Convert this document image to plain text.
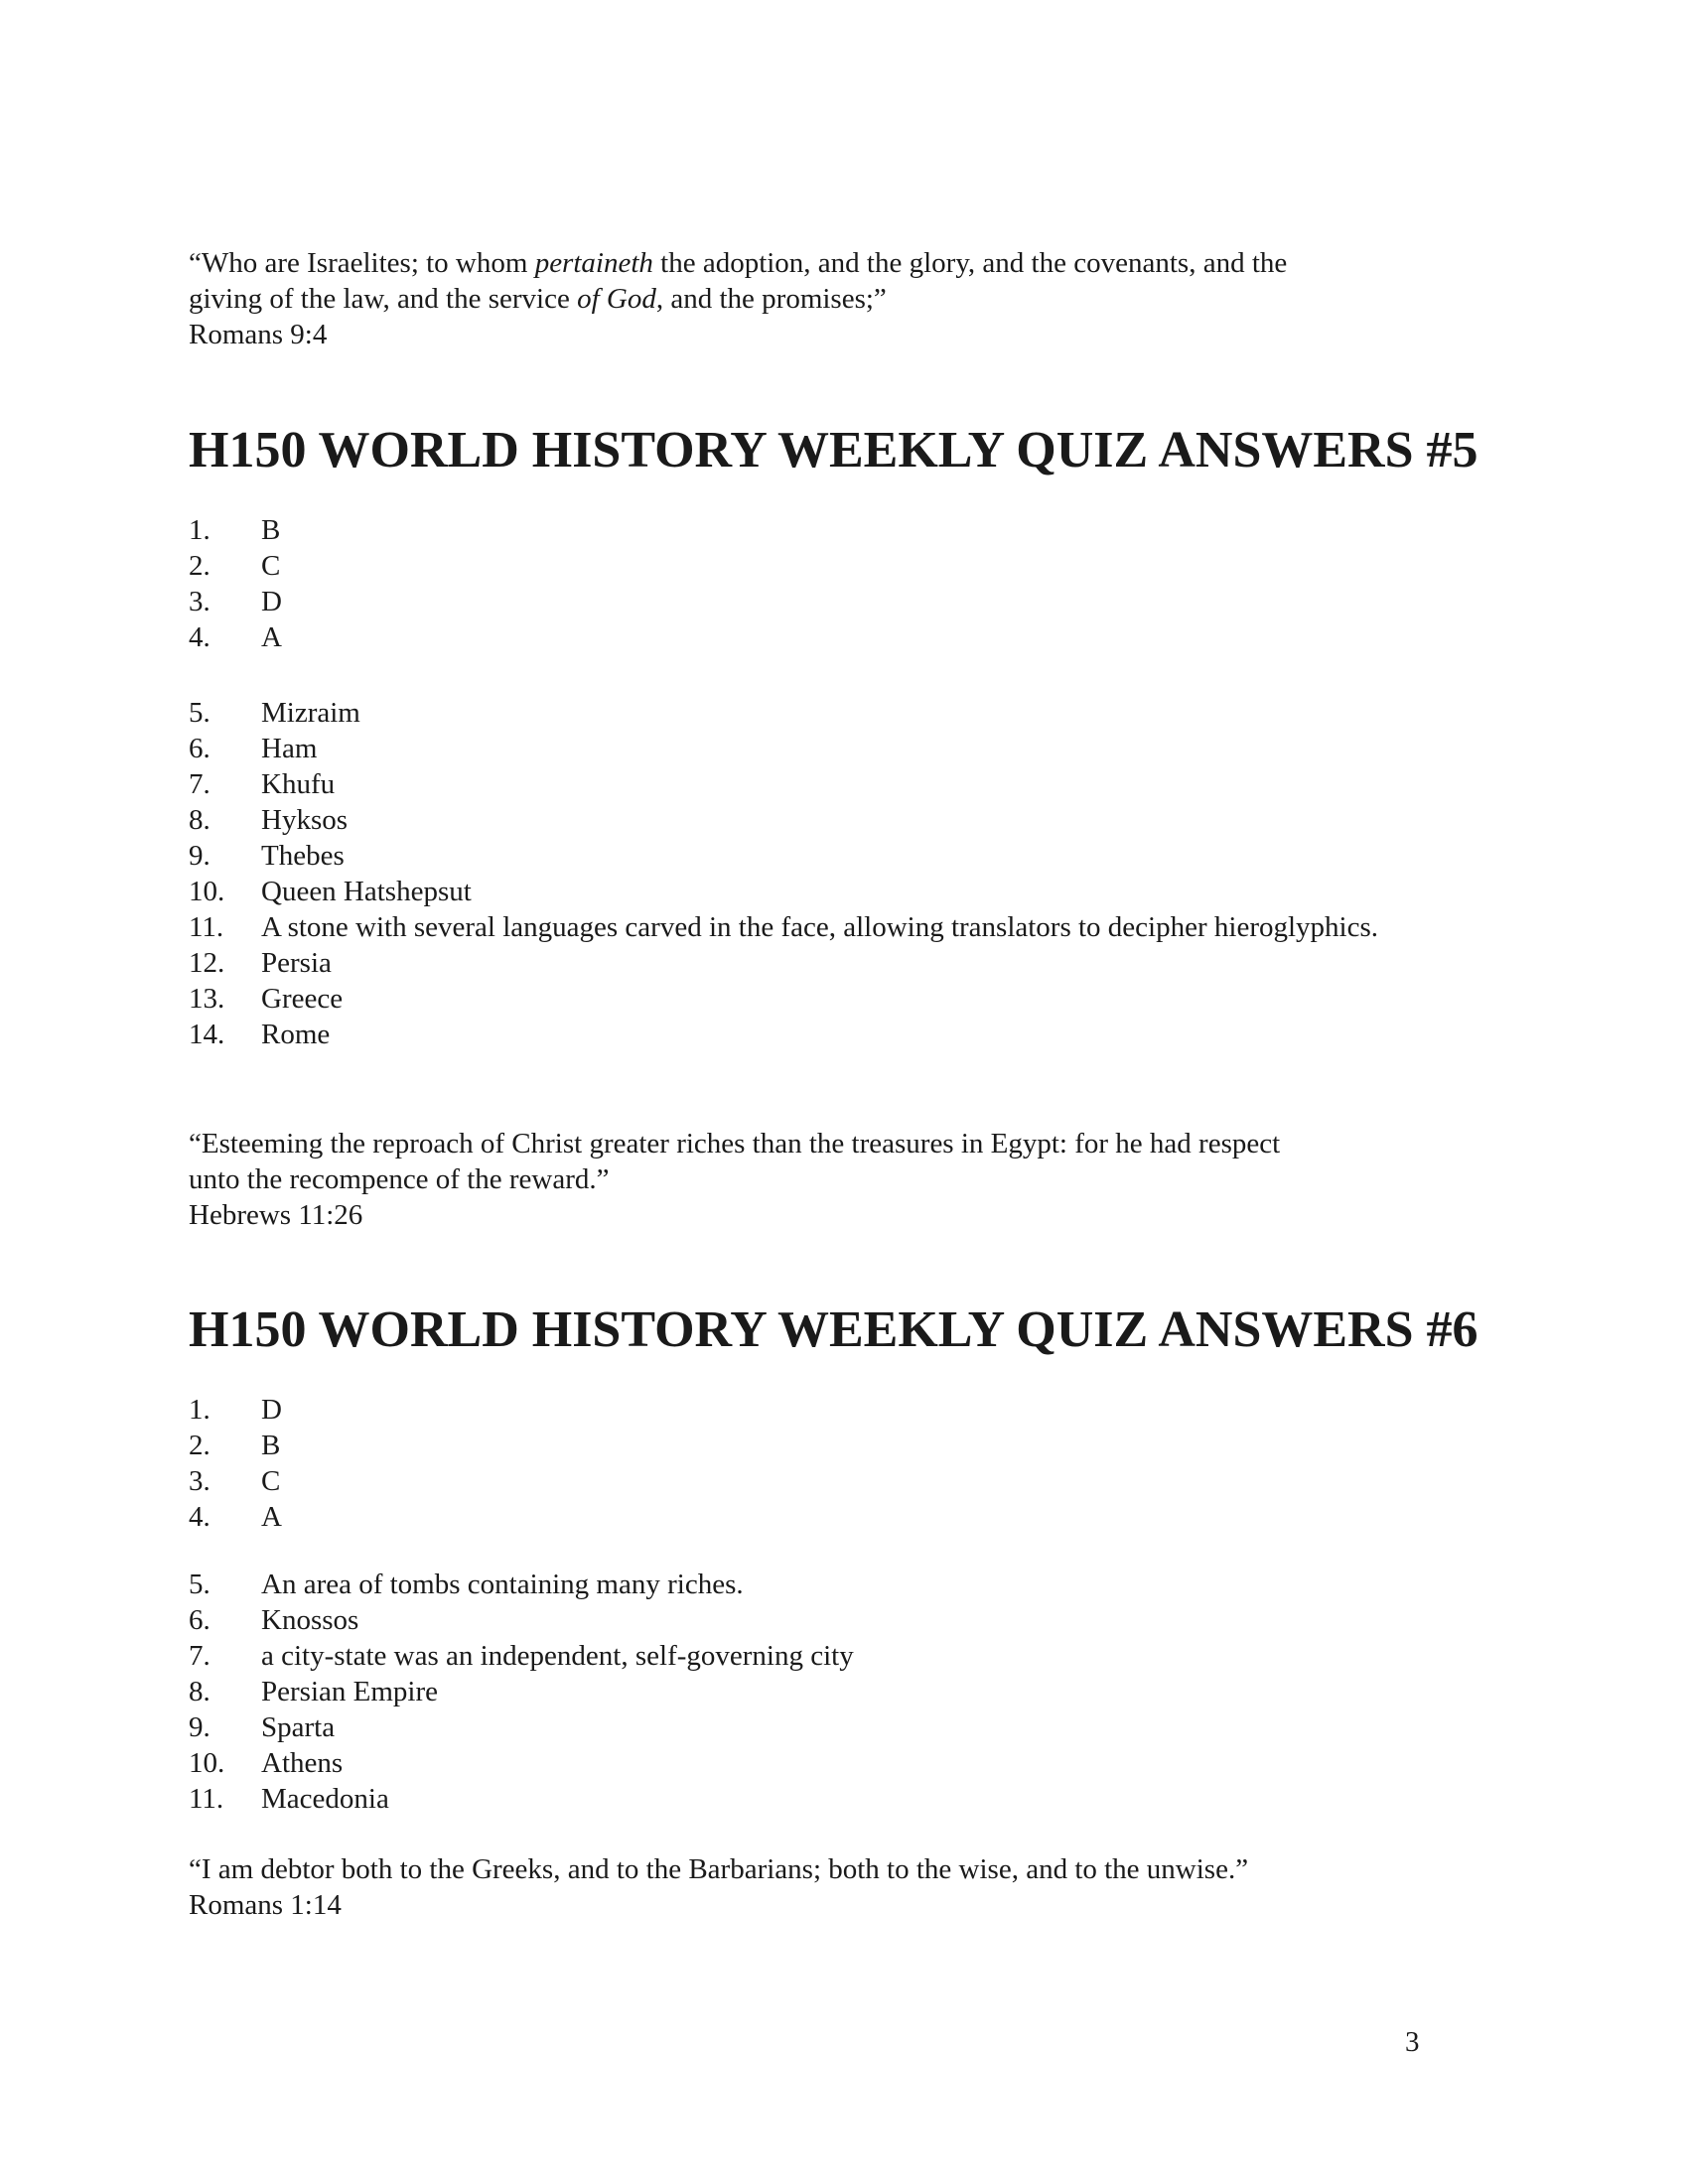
“Who are Israelites; to whom pertaineth the adoption, and the glory, and the covenants, and the
giving of the law, and the service of God, and the promises;”
Romans 9:4
H150 WORLD HISTORY WEEKLY QUIZ ANSWERS #5
1.	B
2.	C
3.	D
4.	A
5.	Mizraim
6.	Ham
7.	Khufu
8.	Hyksos
9.	Thebes
10.	Queen Hatshepsut
11.	A stone with several languages carved in the face, allowing translators to decipher hieroglyphics.
12.	Persia
13.	Greece
14.	Rome
“Esteeming the reproach of Christ greater riches than the treasures in Egypt: for he had respect
unto the recompence of the reward.”
Hebrews 11:26
H150 WORLD HISTORY WEEKLY QUIZ ANSWERS #6
1.	D
2.	B
3.	C
4.	A
5.	An area of tombs containing many riches.
6.	Knossos
7.	a city-state was an independent, self-governing city
8.	Persian Empire
9.	Sparta
10.	Athens
11.	Macedonia
“I am debtor both to the Greeks, and to the Barbarians; both to the wise, and to the unwise.”
Romans 1:14
3
